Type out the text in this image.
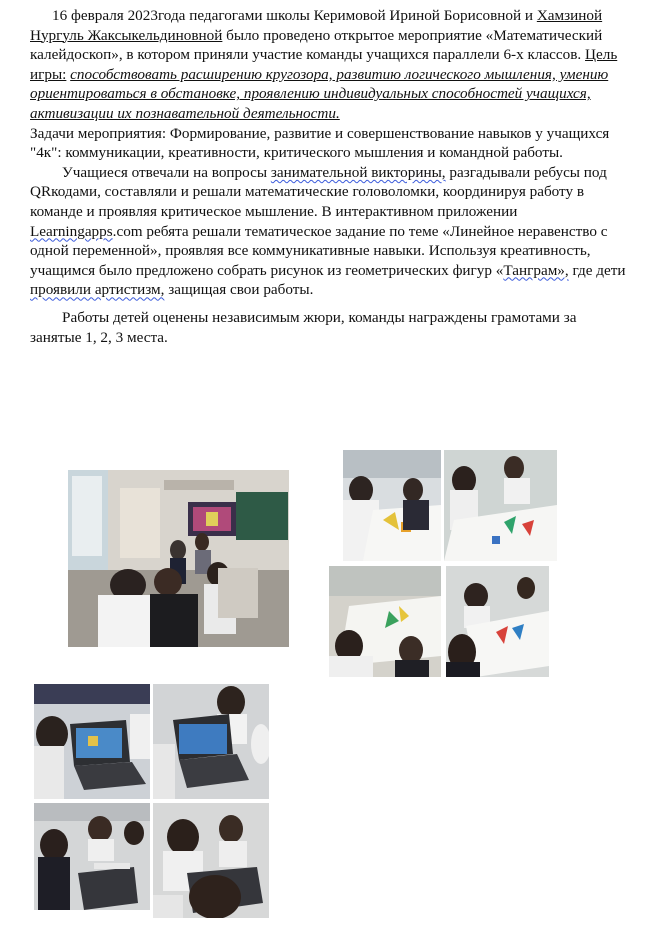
16 февраля 2023года педагогами школы Керимовой Ириной Борисовной и Хамзиной Нургуль Жаксыкельдиновной было проведено открытое мероприятие «Математический калейдоскоп», в котором приняли участие команды учащихся параллели 6-х классов. Цель игры: способствовать расширению кругозора, развитию логического мышления, умению ориентироваться в обстановке, проявлению индивидуальных способностей учащихся, активизации их познавательной деятельности.

Задачи мероприятия: Формирование, развитие и совершенствование навыков у учащихся "4к": коммуникации, креативности, критического мышления и командной работы.

Учащиеся отвечали на вопросы занимательной викторины, разгадывали ребусы под QRкодами, составляли и решали математические головоломки, координируя работу в команде и проявляя критическое мышление. В интерактивном приложении Learningapps.com ребята решали тематическое задание по теме «Линейное неравенство с одной переменной», проявляя все коммуникативные навыки. Используя креативность, учащимся было предложено собрать рисунок из геометрических фигур «Танграм», где дети проявили артистизм, защищая свои работы.

Работы детей оценены независимым жюри, команды награждены грамотами за занятые 1, 2, 3 места.
